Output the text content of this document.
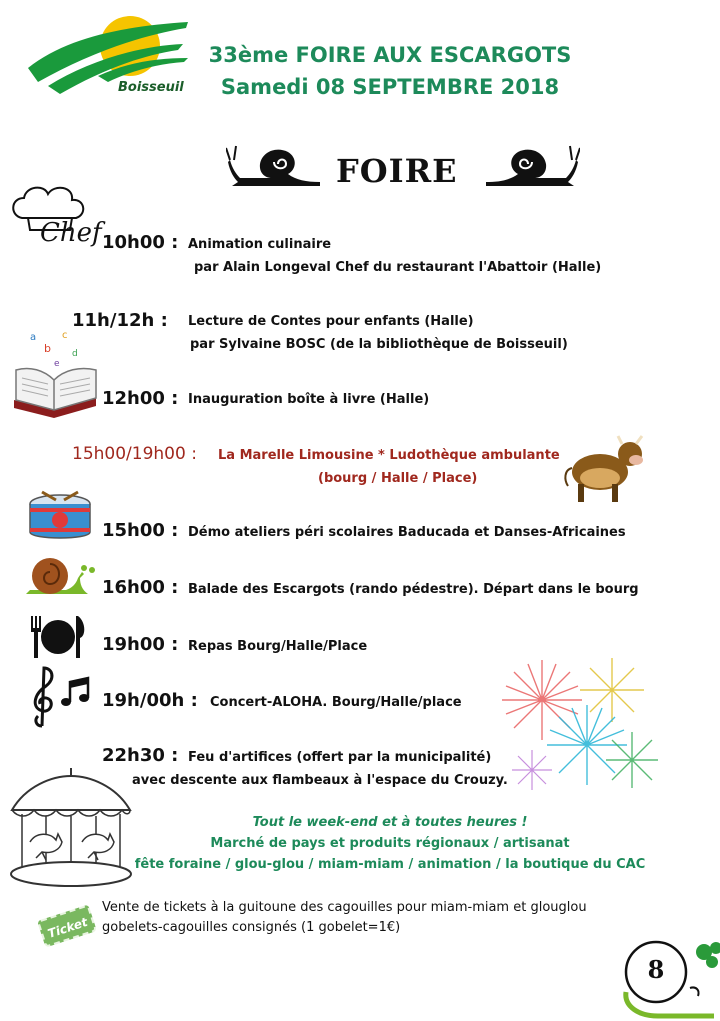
Boisseuil
33ème FOIRE AUX ESCARGOTS
Samedi 08 SEPTEMBRE 2018
FOIRE
Chef 10h00 : Animation culinaire
par Alain Longeval Chef du restaurant l'Abattoir (Halle)
a
b
c
d
e
11h/12h : Lecture de Contes pour enfants (Halle)
par Sylvaine BOSC (de la bibliothèque de Boisseuil)
12h00 : Inauguration boîte à livre (Halle)
15h00/19h00 : La Marelle Limousine * Ludothèque ambulante
(bourg / Halle / Place)
15h00 : Démo ateliers péri scolaires Baducada et Danses-Africaines
16h00 : Balade des Escargots (rando pédestre). Départ dans le bourg
19h00 : Repas Bourg/Halle/Place
19h/00h : Concert-ALOHA. Bourg/Halle/place
22h30 : Feu d'artifices (offert par la municipalité)
avec descente aux flambeaux à l'espace du Crouzy.
Tout le week-end et à toutes heures !
Marché de pays et produits régionaux / artisanat
fête foraine / glou-glou / miam-miam / animation / la boutique du CAC
Ticket
Vente de tickets à la guitoune des cagouilles pour miam-miam et glouglou
gobelets-cagouilles consignés (1 gobelet=1€)
8
